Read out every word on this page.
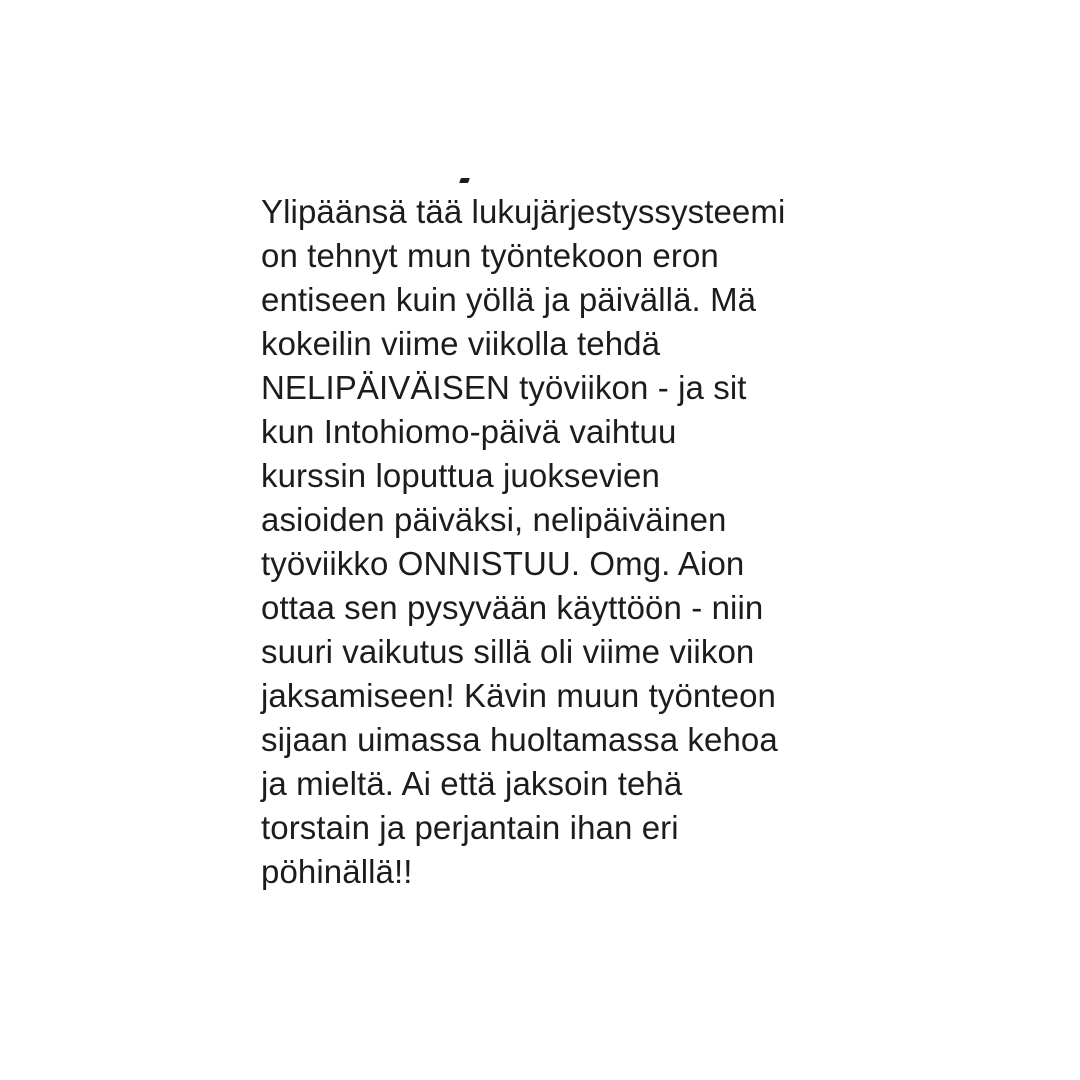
Ylipäänsä tää lukujärjestyssysteemi
on tehnyt mun työntekoon eron
entiseen kuin yöllä ja päivällä. Mä
kokeilin viime viikolla tehdä
NELIPÄIVÄISEN työviikon - ja sit
kun Intohiomo-päivä vaihtuu
kurssin loputtua juoksevien
asioiden päiväksi, nelipäiväinen
työviikko ONNISTUU. Omg. Aion
ottaa sen pysyvään käyttöön - niin
suuri vaikutus sillä oli viime viikon
jaksamiseen! Kävin muun työnteon
sijaan uimassa huoltamassa kehoa
ja mieltä. Ai että jaksoin tehä
torstain ja perjantain ihan eri
pöhinällä!!
